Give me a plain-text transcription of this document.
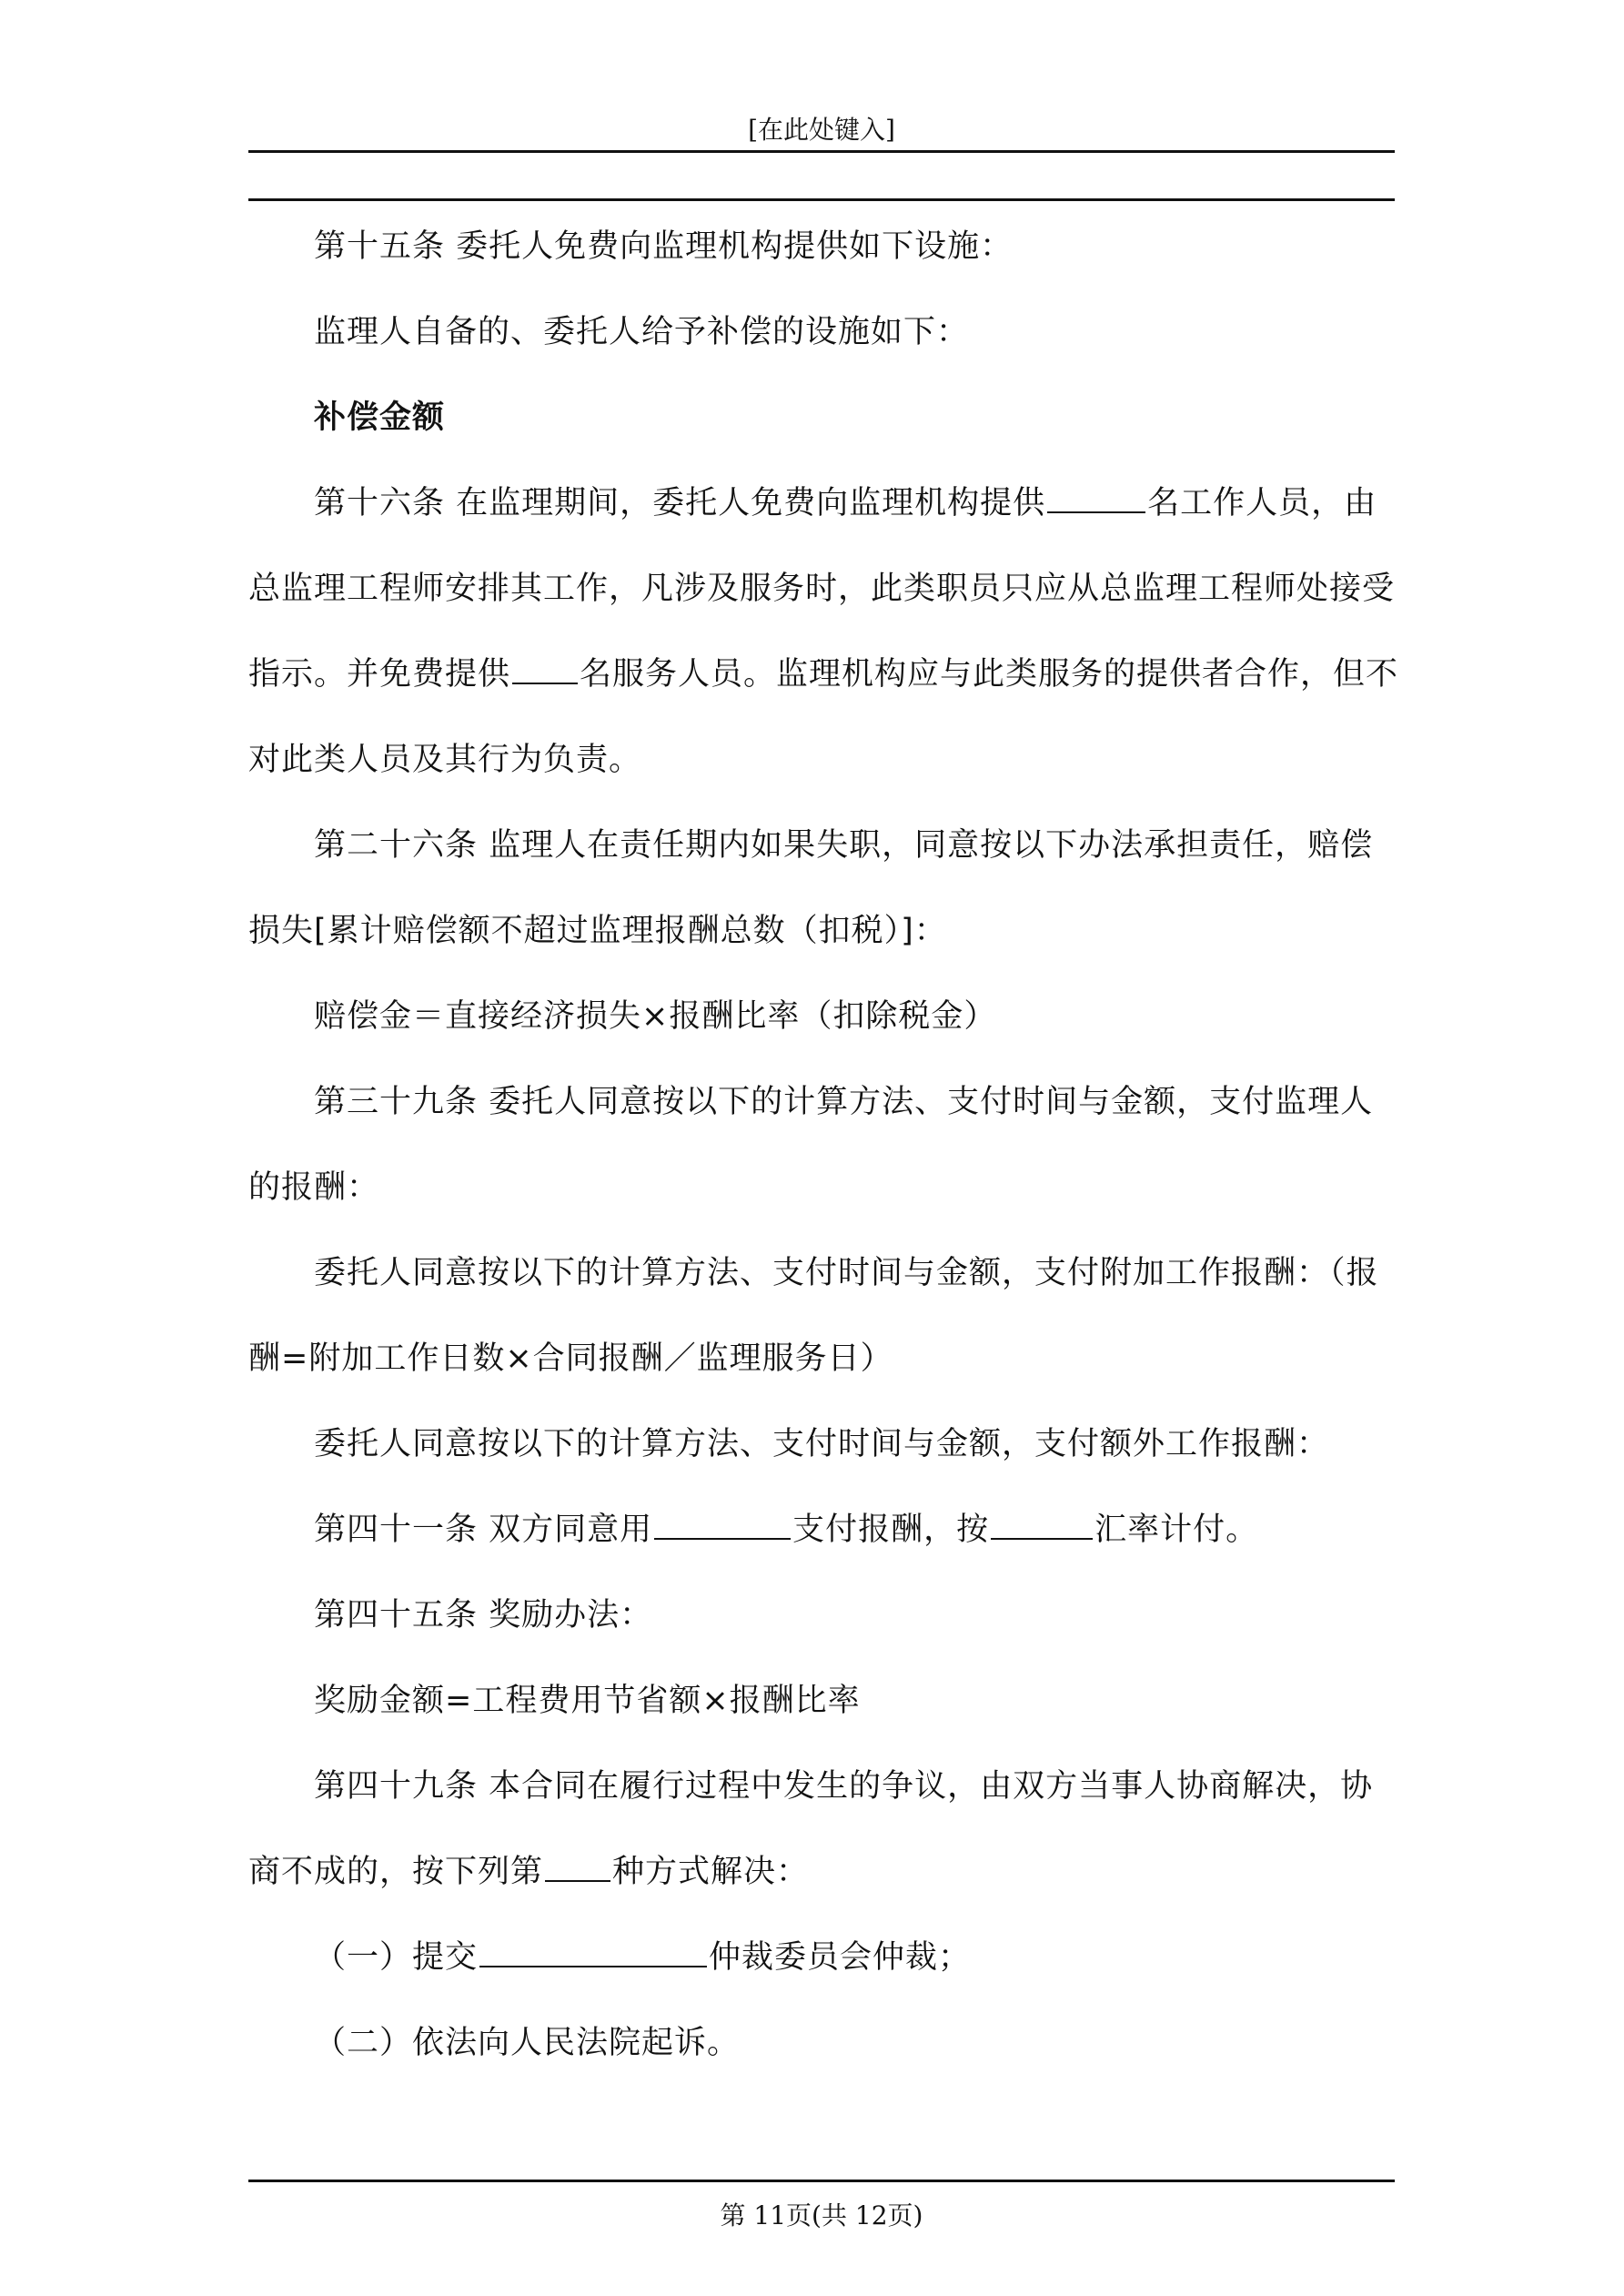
[在此处键入]

第十五条 委托人免费向监理机构提供如下设施：

监理人自备的、委托人给予补偿的设施如下：

补偿金额

第十六条 在监理期间，委托人免费向监理机构提供	名工作人员，由

总监理工程师安排其工作，凡涉及服务时，此类职员只应从总监理工程师处接受

指示。并免费提供 名服务人员。监理机构应与此类服务的提供者合作，但不

对此类人员及其行为负责。

第二十六条 监理人在责任期内如果失职，同意按以下办法承担责任，赔偿

损失[累计赔偿额不超过监理报酬总数（扣税）]：

赔偿金＝直接经济损失×报酬比率（扣除税金）

第三十九条 委托人同意按以下的计算方法、支付时间与金额，支付监理人

的报酬：

委托人同意按以下的计算方法、支付时间与金额，支付附加工作报酬：（报

酬=附加工作日数×合同报酬／监理服务日）

委托人同意按以下的计算方法、支付时间与金额，支付额外工作报酬：

第四十一条 双方同意用	支付报酬，按	汇率计付。

第四十五条 奖励办法：

奖励金额=工程费用节省额×报酬比率

第四十九条 本合同在履行过程中发生的争议，由双方当事人协商解决，协

商不成的，按下列第 种方式解决：

（一）提交	仲裁委员会仲裁；

（二）依法向人民法院起诉。

第 11页(共 12页)
